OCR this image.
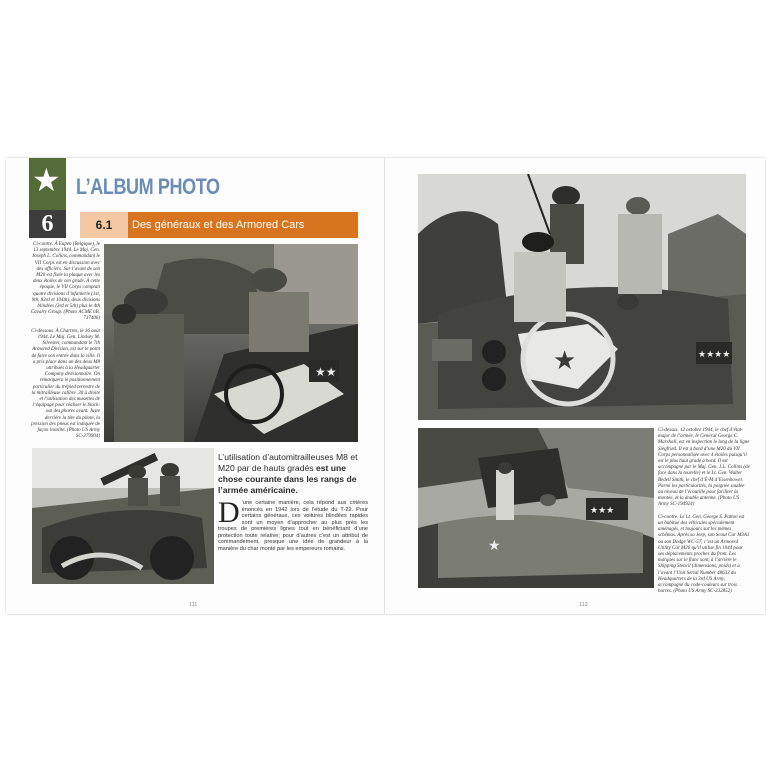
★
6
L’ALBUM PHOTO
6.1	Des généraux et des Armored Cars
Ci-contre. À Eupen (Belgique), le 13 septembre 1944. Le Maj. Gen. Joseph L. Collins, commandant le VII Corps est en discussion avec des officiers. Sur l’avant de son M20 est fixée la plaque avec les deux étoiles de son grade. À cette époque, le VII Corps comptait quatre divisions d’infanterie (1st, 9th, 83rd et 104th), deux divisions blindées (3rd et 5th) plus le 4th Cavalry Group. (Photo ACME nB. 737406)

Ci-dessous. À Chartres, le 16 août 1944. Le Maj. Gen. Lindsey M. Silvester, commandant le 7th Armored Division, est sur le point de faire son entrée dans la ville. Il a pris place dans un des deux M8 attribués à la Headquarter Company divisionnaire. On remarquera le positionnement particulier du trépied terrestre de la mitrailleuse calibre .30 à droite et l’utilisation des musettes de l’équipage pour réaliser le black-out des phares avant. Juste derrière la tête du pilote, la pression des pneus est indiquée de façon insolite. (Photo US Army SC-279904)
★★
L’utilisation d’automitrailleuses M8 et M20 par de hauts gradés est une chose courante dans les rangs de l’armée américaine.
D ’une certaine manière, cela répond aux critères énoncés en 1942 lors de l’étude du T-22. Pour certains généraux, ces voitures blindées rapides sont un moyen d’approcher au plus près les troupes de premières lignes tout en bénéficiant d’une protection toute relative; pour d’autres c’est un attribut de commandement, presque une idée de grandeur à la manière du char monté par les empereurs romains.
111
★	★★★★
★
★★★
Ci-dessus. 12 octobre 1944, le chef d’état-major de l’armée, le General George C. Marshall, est en inspection le long de la ligne Siegfried. Il est à bord d’une M20 du VII Corps personnalisée avec 4 étoiles puisqu’il est le plus haut gradé à bord. Il est accompagné par le Maj. Gen. J.L. Collins (de face dans la tourelle) et le Lt. Gen. Walter Bedell Smith, le chef d’É-M d’Eisenhower. Parmi les particularités, la poignée soudée au niveau de l’écoutille pour faciliter la montée, et la double antenne. (Photo US Army SC-194924)

Ci-contre. Le Lt. Gen. George S. Patton est un habitué des véhicules spécialement aménagés, et toujours sur les mêmes schémas. Après sa Jeep, son Scout Car M3A1 ou son Dodge WC-57, c’est un Armored Utility Car M20 qu’il utilise fin 1944 pour ses déplacements proches du front. Les marques sur le flanc sont, à l’arrière le Shipping Stencil (dimensions, poids) et à l’avant l’Unit Serial Number 48633 du Headquarters de la 3rd US Army, accompagné du code-couleurs sur trois barres. (Photo US Army SC-232852)
112
